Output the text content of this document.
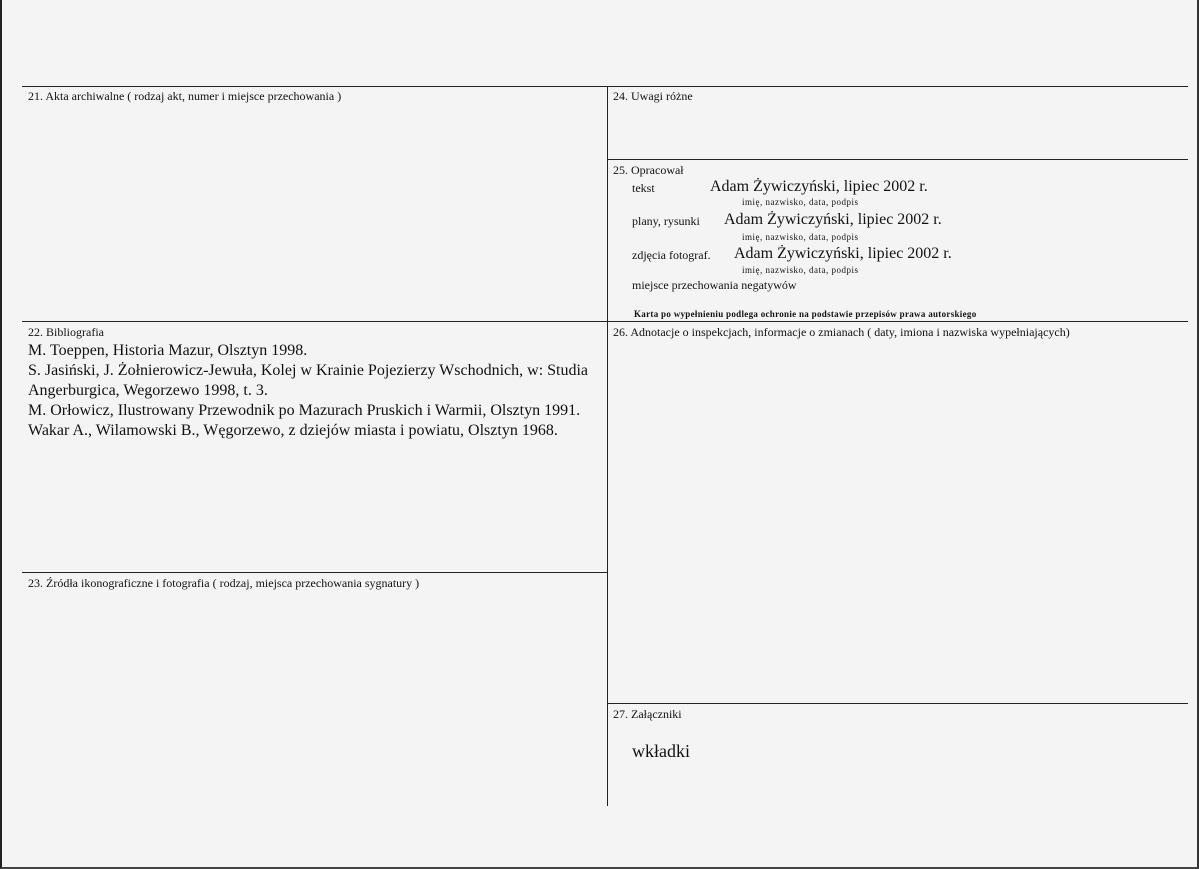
21. Akta archiwalne ( rodzaj akt, numer i miejsce przechowania )
22. Bibliografia
M. Toeppen, Historia Mazur, Olsztyn 1998.
S. Jasiński, J. Żołnierowicz-Jewuła, Kolej w Krainie Pojezierzy Wschodnich, w: Studia Angerburgica, Wegorzewo 1998, t. 3.
M. Orłowicz, Ilustrowany Przewodnik po Mazurach Pruskich i Warmii, Olsztyn 1991.
Wakar A., Wilamowski B., Węgorzewo, z dziejów miasta i powiatu, Olsztyn 1968.
23. Źródła ikonograficzne i fotografia ( rodzaj, miejsca przechowania sygnatury )
24. Uwagi różne
25. Opracował
tekst	Adam Żywiczyński, lipiec 2002 r.
imię, nazwisko, data, podpis
plany, rysunki Adam Żywiczyński, lipiec 2002 r.
imię, nazwisko, data, podpis
zdjęcia fotograf. Adam Żywiczyński, lipiec 2002 r.
imię, nazwisko, data, podpis
miejsce przechowania negatywów
Karta po wypełnieniu podlega ochronie na podstawie przepisów prawa autorskiego
26. Adnotacje o inspekcjach, informacje o zmianach ( daty, imiona i nazwiska wypełniających)
27. Załączniki
wkładki
